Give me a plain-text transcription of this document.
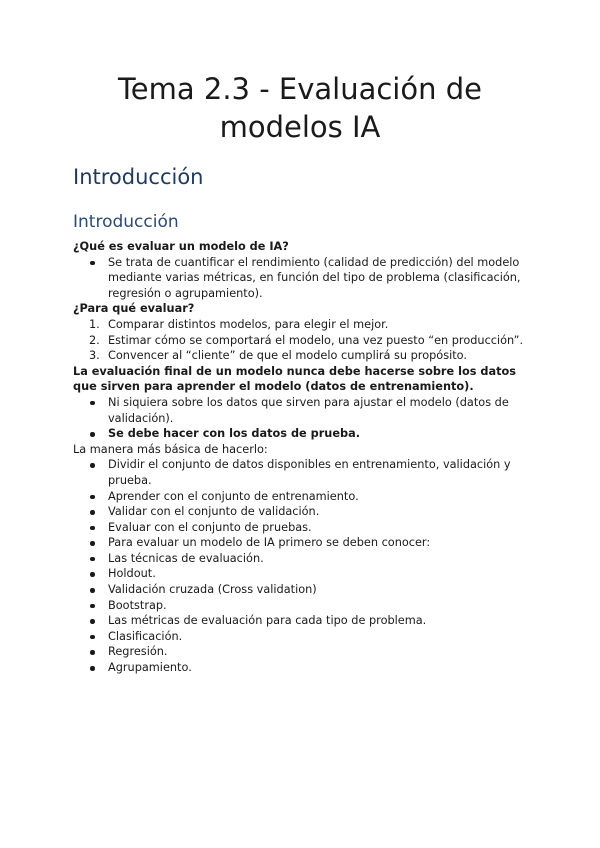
Tema 2.3 - Evaluación de modelos IA
Introducción
Introducción

¿Qué es evaluar un modelo de IA?

Se trata de cuantificar el rendimiento (calidad de predicción) del modelo mediante varias métricas, en función del tipo de problema (clasificación, regresión o agrupamiento).

¿Para qué evaluar?

1. Comparar distintos modelos, para elegir el mejor.
2. Estimar cómo se comportará el modelo, una vez puesto “en producción”.
3. Convencer al “cliente” de que el modelo cumplirá su propósito.

La evaluación final de un modelo nunca debe hacerse sobre los datos que sirven para aprender el modelo (datos de entrenamiento).

Ni siquiera sobre los datos que sirven para ajustar el modelo (datos de validación).
Se debe hacer con los datos de prueba.

La manera más básica de hacerlo:

Dividir el conjunto de datos disponibles en entrenamiento, validación y prueba.
Aprender con el conjunto de entrenamiento.
Validar con el conjunto de validación.
Evaluar con el conjunto de pruebas.
Para evaluar un modelo de IA primero se deben conocer:
Las técnicas de evaluación.
Holdout.
Validación cruzada (Cross validation)
Bootstrap.
Las métricas de evaluación para cada tipo de problema.
Clasificación.
Regresión.
Agrupamiento.
